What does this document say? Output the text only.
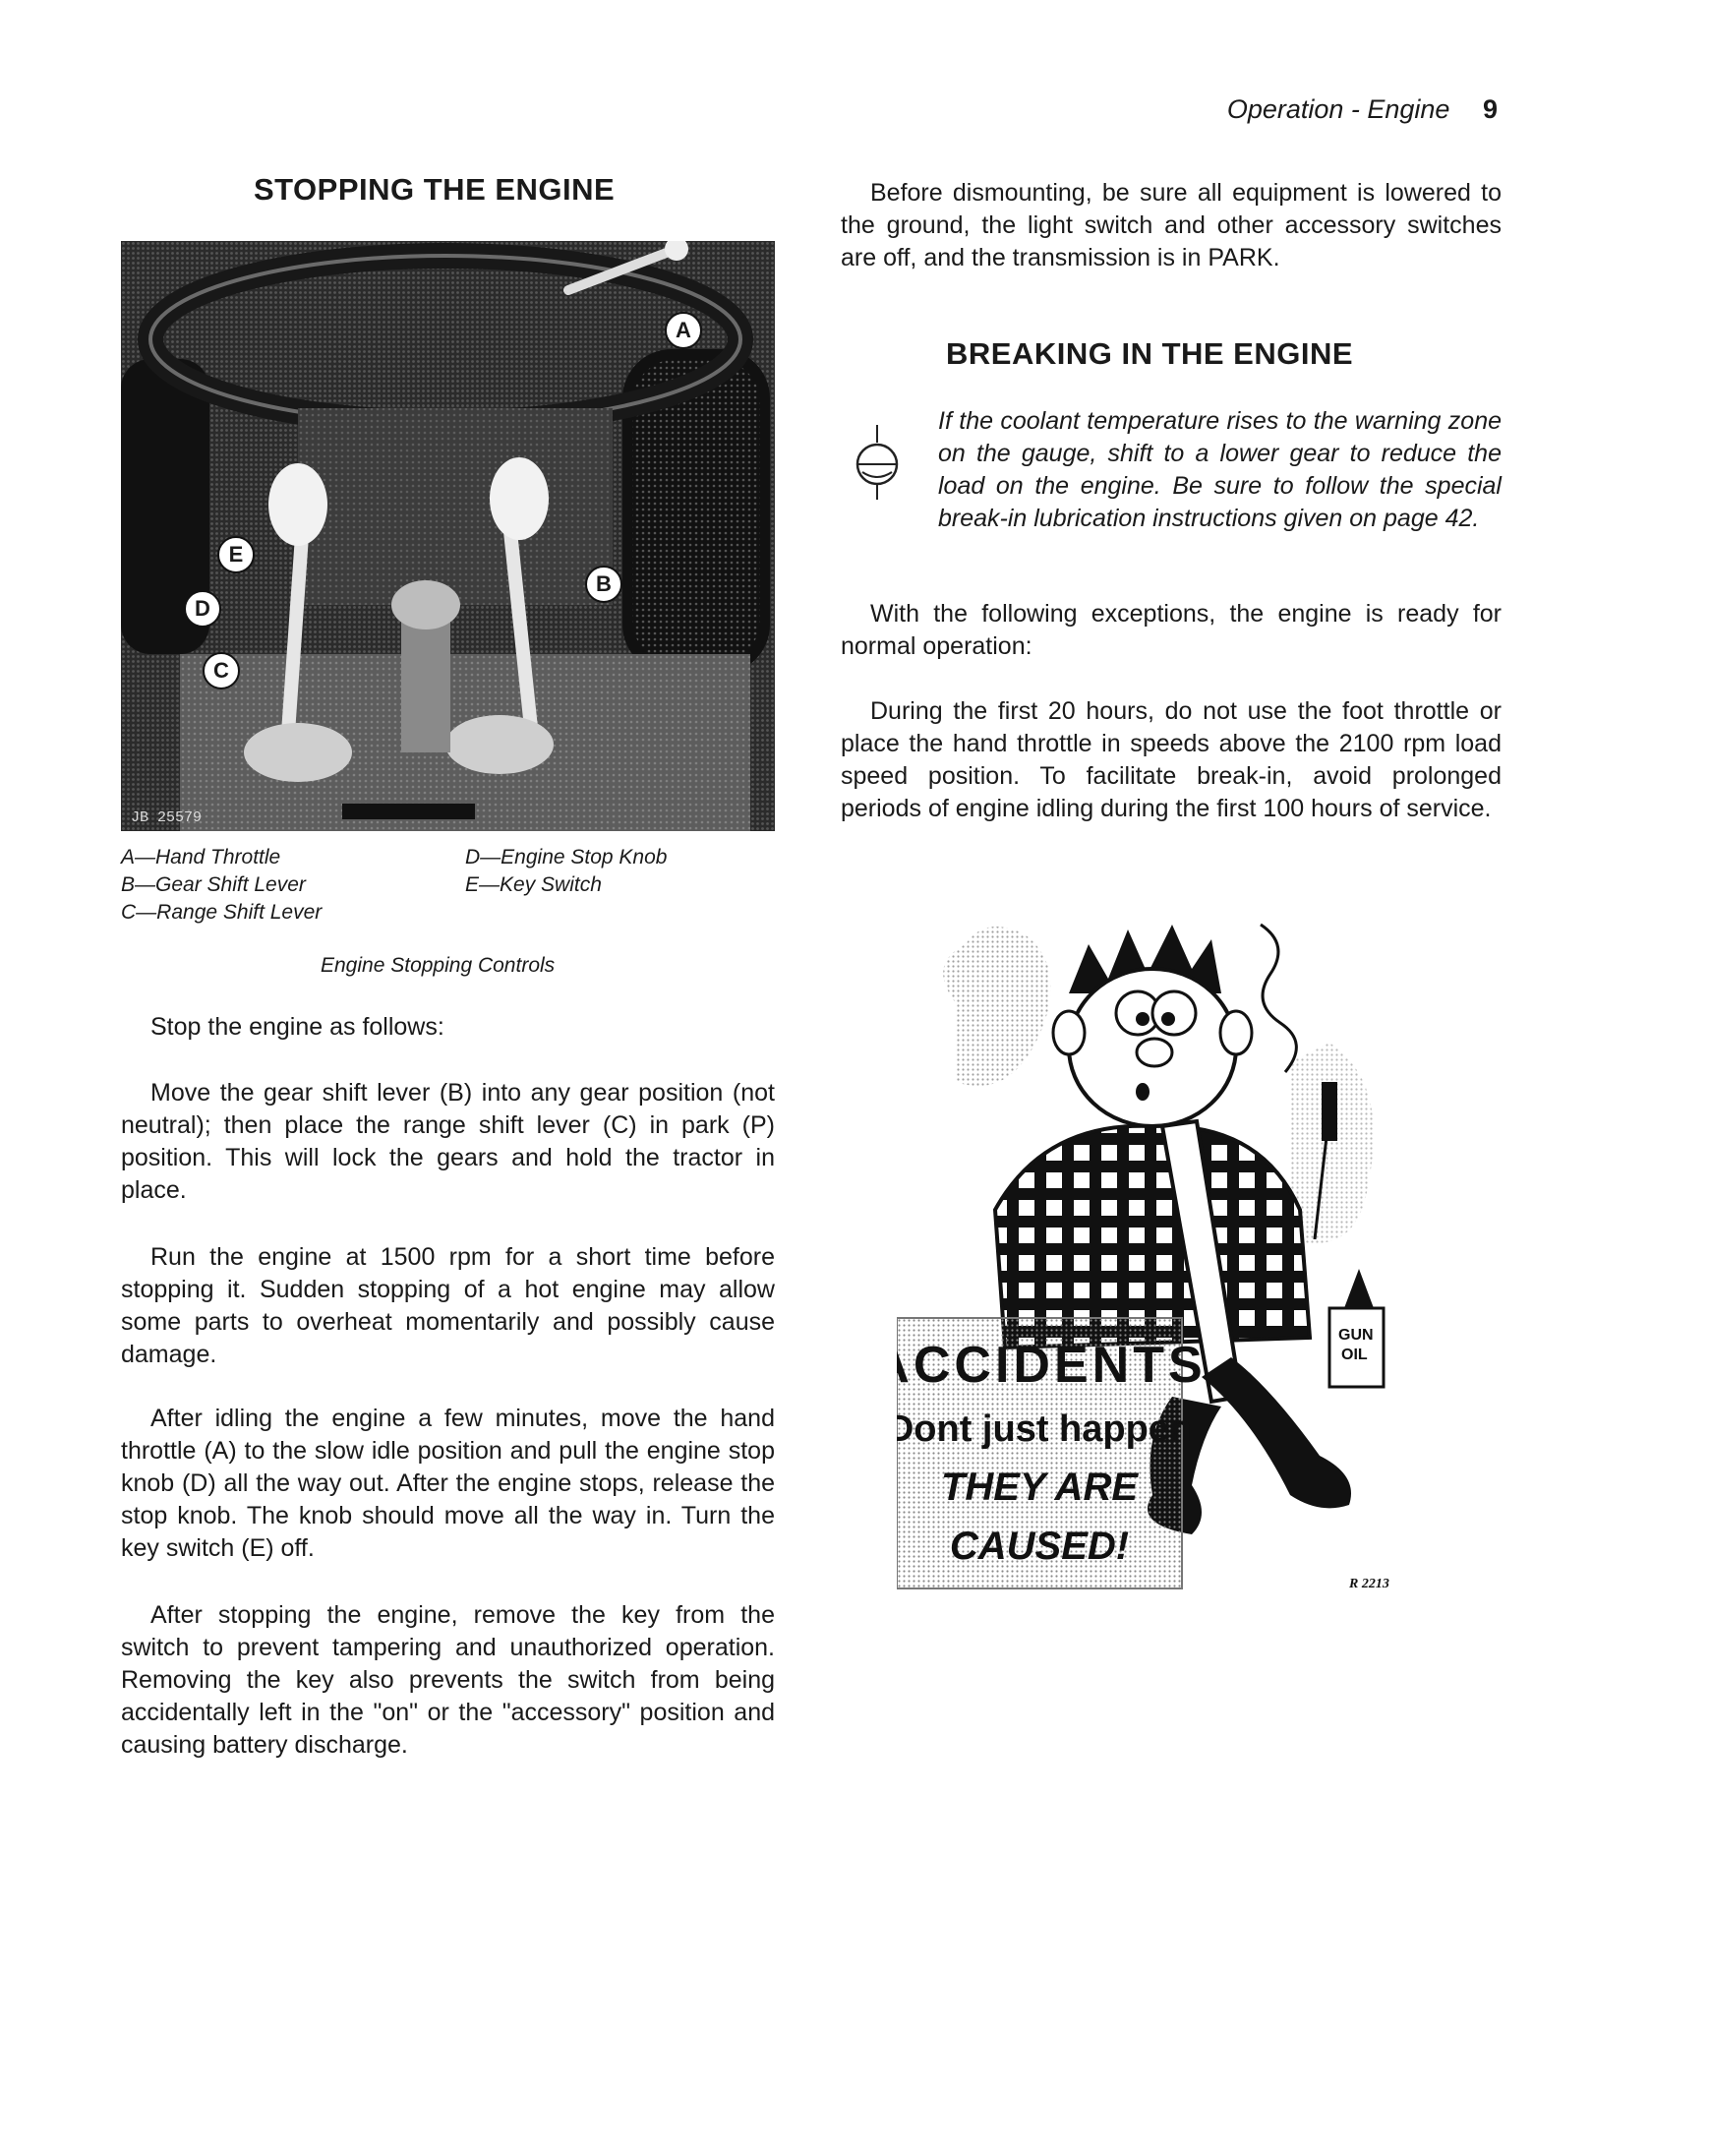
Operation - Engine 9
STOPPING THE ENGINE
JB 25579
A
B
C
D
E
A—Hand Throttle
B—Gear Shift Lever
C—Range Shift Lever
D—Engine Stop Knob
E—Key Switch
Engine Stopping Controls

Stop the engine as follows:

Move the gear shift lever (B) into any gear position (not neutral); then place the range shift lever (C) in park (P) position. This will lock the gears and hold the tractor in place.

Run the engine at 1500 rpm for a short time before stopping it. Sudden stopping of a hot engine may allow some parts to overheat momentarily and possibly cause damage.

After idling the engine a few minutes, move the hand throttle (A) to the slow idle position and pull the engine stop knob (D) all the way out. After the engine stops, release the stop knob. The knob should move all the way in. Turn the key switch (E) off.

After stopping the engine, remove the key from the switch to prevent tampering and unauthorized operation. Removing the key also prevents the switch from being accidentally left in the "on" or the "accessory" position and causing battery discharge.

Before dismounting, be sure all equipment is lowered to the ground, the light switch and other accessory switches are off, and the transmission is in PARK.

BREAKING IN THE ENGINE

If the coolant temperature rises to the warning zone on the gauge, shift to a lower gear to reduce the load on the engine. Be sure to follow the special break-in lubrication instructions given on page 42.

With the following exceptions, the engine is ready for normal operation:

During the first 20 hours, do not use the foot throttle or place the hand throttle in speeds above the 2100 rpm load speed position. To facilitate break-in, avoid prolonged periods of engine idling during the first 100 hours of service.

GUN
OIL
ACCIDENTS
Dont just happen
THEY ARE
CAUSED!
R 2213
